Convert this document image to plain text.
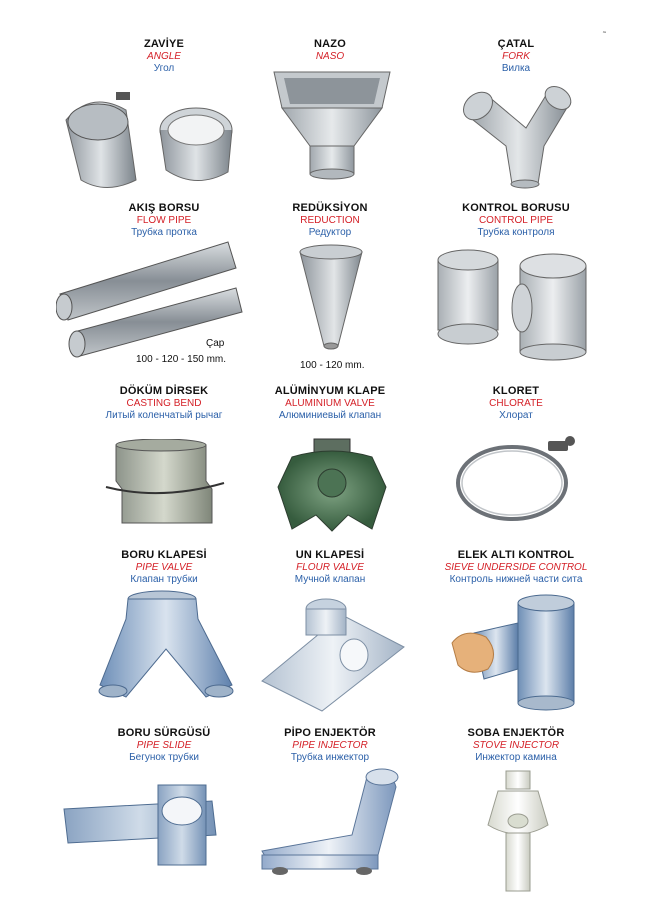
˜
ZAVİYE
ANGLE
Угол
NAZO
NASO
ÇATAL
FORK
Вилка
AKIŞ BORSU
FLOW PIPE
Трубка протка
Çap
100 - 120 - 150 mm.
REDÜKSİYON
REDUCTION
Редуктор
100 - 120 mm.
KONTROL BORUSU
CONTROL PIPE
Трубка контроля
DÖKÜM DİRSEK
CASTING BEND
Литый коленчатый рычаг
ALÜMİNYUM KLAPE
ALUMINIUM VALVE
Алюминиевый клапан
KLORET
CHLORATE
Хлорат
BORU KLAPESİ
PIPE VALVE
Клапан трубки
UN KLAPESİ
FLOUR VALVE
Мучной клапан
ELEK ALTI KONTROL
SIEVE UNDERSIDE CONTROL
Контроль нижней части сита
BORU SÜRGÜSÜ
PIPE SLIDE
Бегунок трубки
PİPO ENJEKTÖR
PIPE INJECTOR
Трубка инжектор
SOBA ENJEKTÖR
STOVE INJECTOR
Инжектор камина
